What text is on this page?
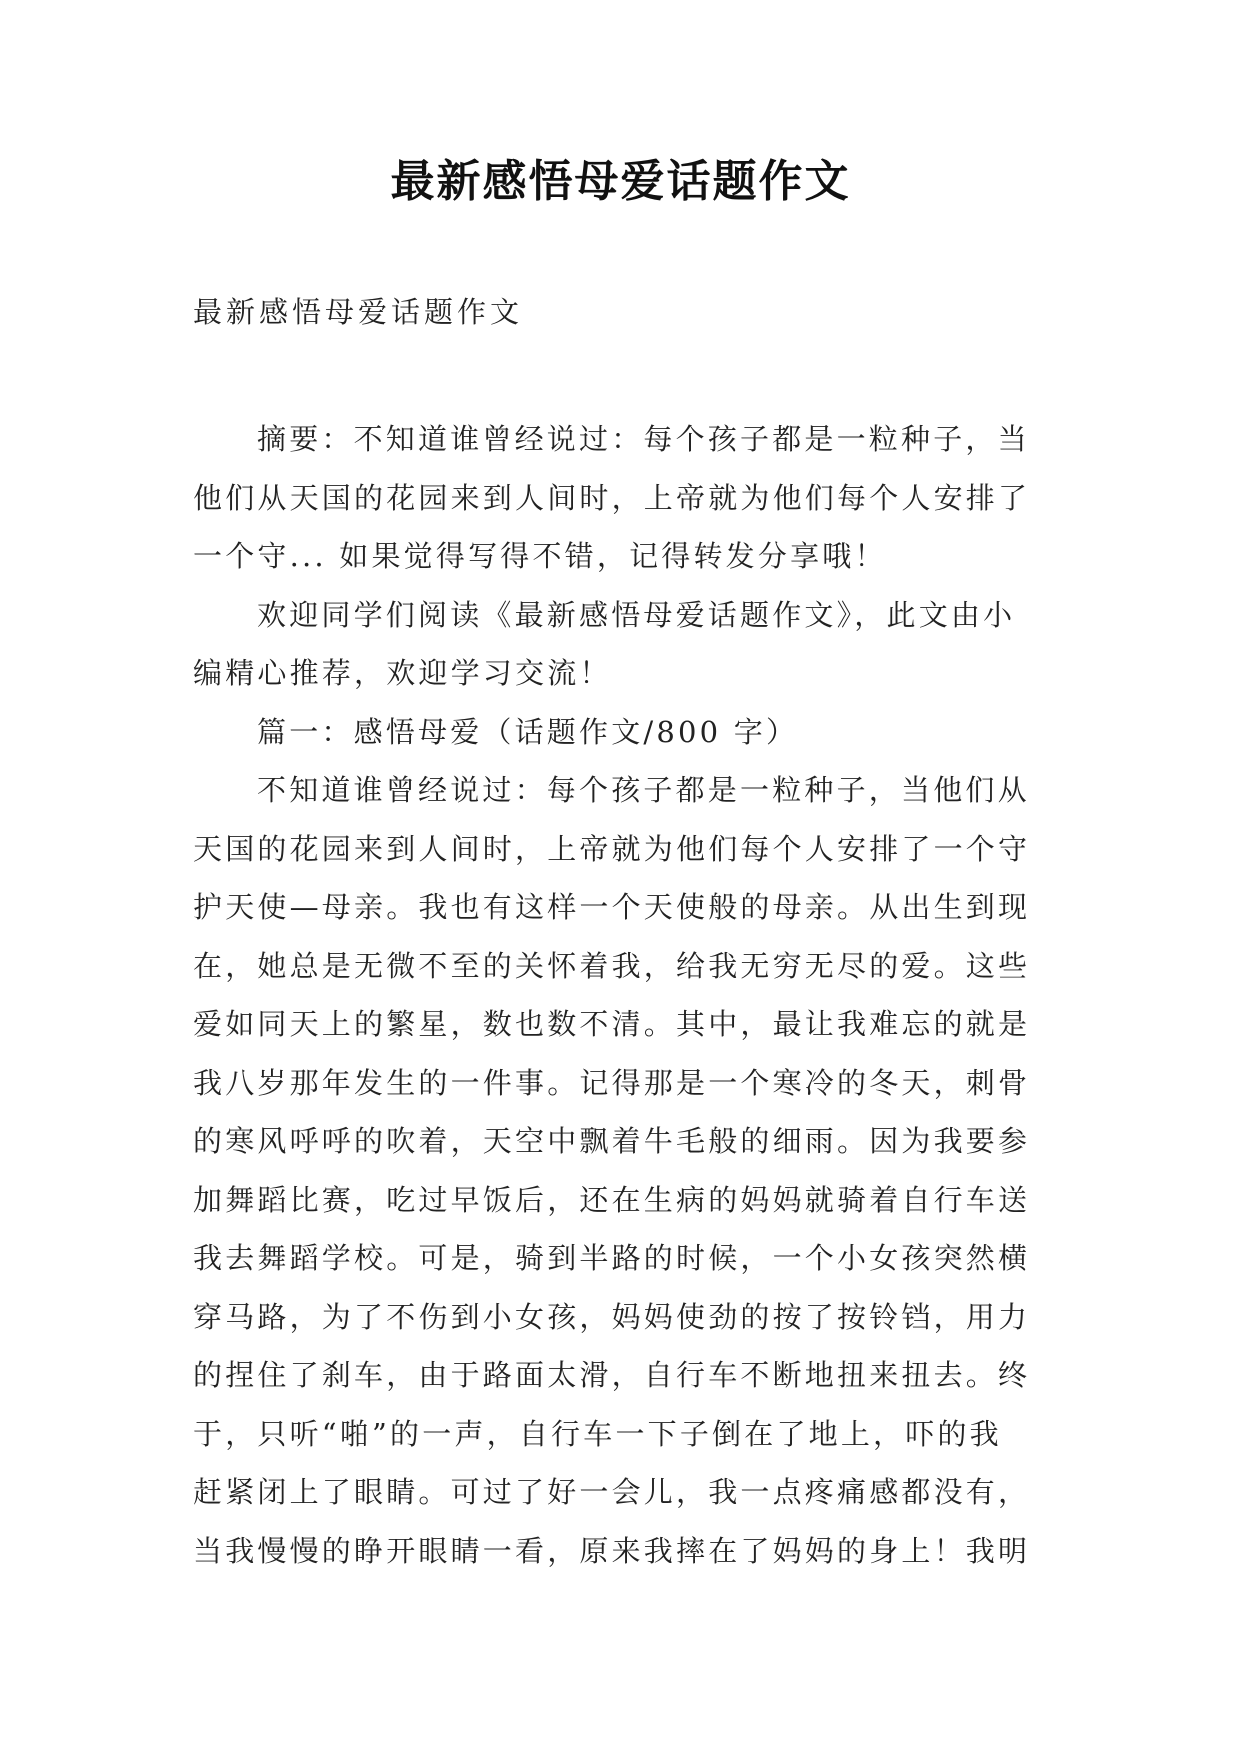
最新感悟母爱话题作文
最新感悟母爱话题作文
摘要：不知道谁曾经说过：每个孩子都是一粒种子，当
他们从天国的花园来到人间时，上帝就为他们每个人安排了
一个守... 如果觉得写得不错，记得转发分享哦！
欢迎同学们阅读《最新感悟母爱话题作文》，此文由小
编精心推荐，欢迎学习交流！
篇一：感悟母爱（话题作文/800 字）
不知道谁曾经说过：每个孩子都是一粒种子，当他们从
天国的花园来到人间时，上帝就为他们每个人安排了一个守
护天使—母亲。我也有这样一个天使般的母亲。从出生到现
在，她总是无微不至的关怀着我，给我无穷无尽的爱。这些
爱如同天上的繁星，数也数不清。其中，最让我难忘的就是
我八岁那年发生的一件事。记得那是一个寒冷的冬天，刺骨
的寒风呼呼的吹着，天空中飘着牛毛般的细雨。因为我要参
加舞蹈比赛，吃过早饭后，还在生病的妈妈就骑着自行车送
我去舞蹈学校。可是，骑到半路的时候，一个小女孩突然横
穿马路，为了不伤到小女孩，妈妈使劲的按了按铃铛，用力
的捏住了刹车，由于路面太滑，自行车不断地扭来扭去。终
于，只听“啪”的一声，自行车一下子倒在了地上，吓的我
赶紧闭上了眼睛。可过了好一会儿，我一点疼痛感都没有，
当我慢慢的睁开眼睛一看，原来我摔在了妈妈的身上！我明
